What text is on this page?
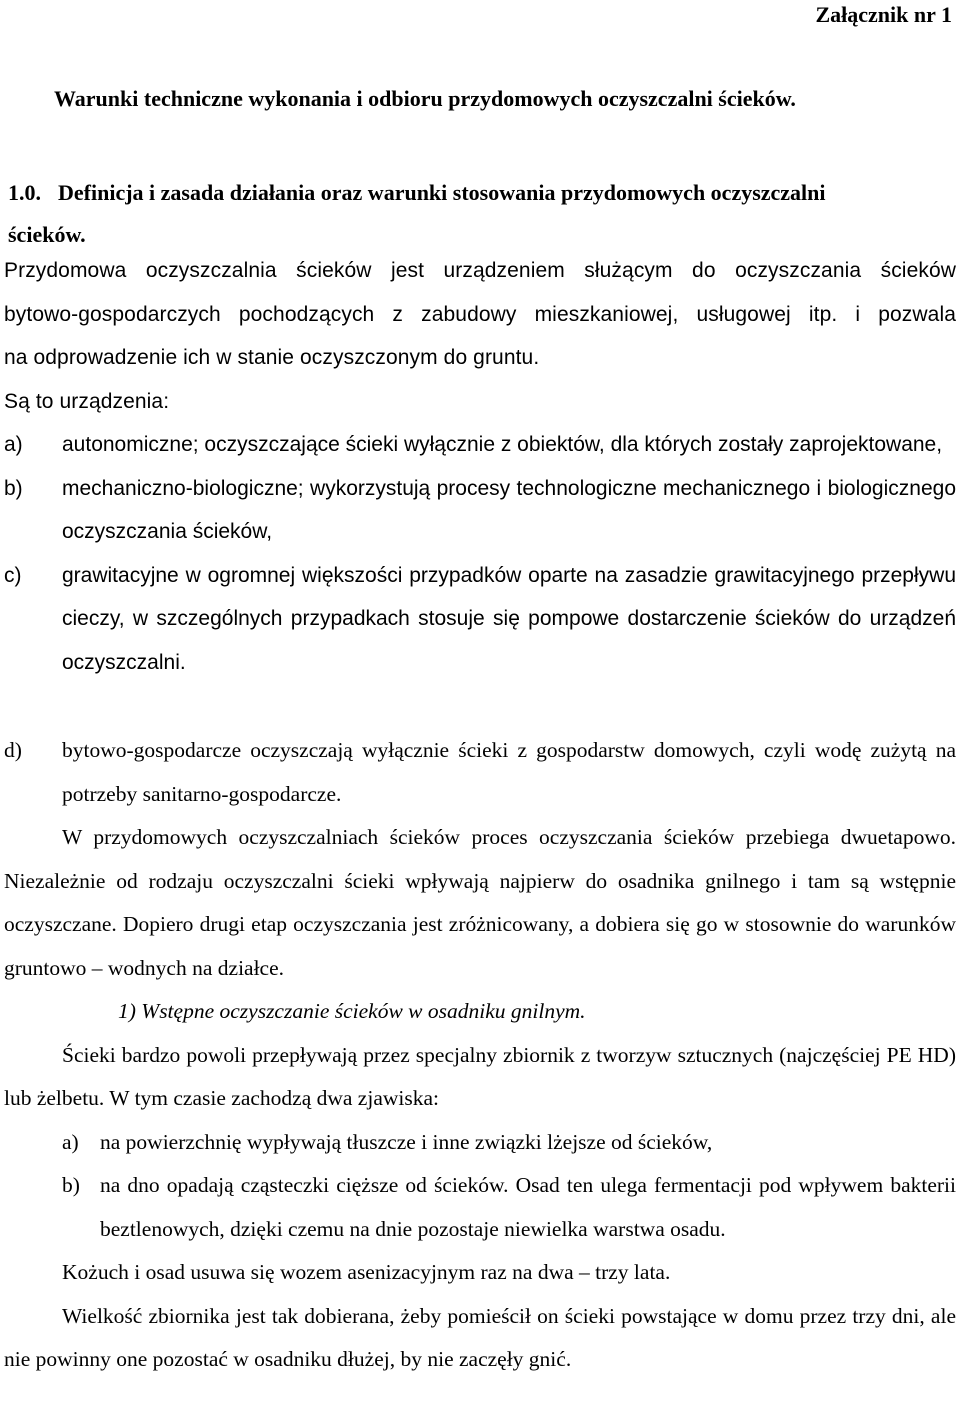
Załącznik nr 1
Warunki techniczne wykonania i odbioru przydomowych oczyszczalni ścieków.
1.0. Definicja i zasada działania oraz warunki stosowania przydomowych oczyszczalni
ścieków.
Przydomowa oczyszczalnia ścieków jest urządzeniem służącym do oczyszczania ścieków
bytowo-gospodarczych pochodzących z zabudowy mieszkaniowej, usługowej itp. i pozwala
na odprowadzenie ich w stanie oczyszczonym do gruntu.
Są to urządzenia:
a)	autonomiczne; oczyszczające ścieki wyłącznie z obiektów, dla których zostały zaprojektowane,
b)	mechaniczno-biologiczne; wykorzystują procesy technologiczne mechanicznego i biologicznego oczyszczania ścieków,
c)	grawitacyjne w ogromnej większości przypadków oparte na zasadzie grawitacyjnego przepływu cieczy, w szczególnych przypadkach stosuje się pompowe dostarczenie ścieków do urządzeń oczyszczalni.
d)	bytowo-gospodarcze oczyszczają wyłącznie ścieki z gospodarstw domowych, czyli wodę zużytą na potrzeby sanitarno-gospodarcze.
W przydomowych oczyszczalniach ścieków proces oczyszczania ścieków przebiega dwuetapowo. Niezależnie od rodzaju oczyszczalni ścieki wpływają najpierw do osadnika gnilnego i tam są wstępnie oczyszczane. Dopiero drugi etap oczyszczania jest zróżnicowany, a dobiera się go w stosownie do warunków gruntowo – wodnych na działce.
1) Wstępne oczyszczanie ścieków w osadniku gnilnym.
Ścieki bardzo powoli przepływają przez specjalny zbiornik z tworzyw sztucznych (najczęściej PE HD) lub żelbetu. W tym czasie zachodzą dwa zjawiska:
a) na powierzchnię wypływają tłuszcze i inne związki lżejsze od ścieków,
b) na dno opadają cząsteczki cięższe od ścieków. Osad ten ulega fermentacji pod wpływem bakterii beztlenowych, dzięki czemu na dnie pozostaje niewielka warstwa osadu.
Kożuch i osad usuwa się wozem asenizacyjnym raz na dwa – trzy lata.
Wielkość zbiornika jest tak dobierana, żeby pomieścił on ścieki powstające w domu przez trzy dni, ale nie powinny one pozostać w osadniku dłużej, by nie zaczęły gnić.
